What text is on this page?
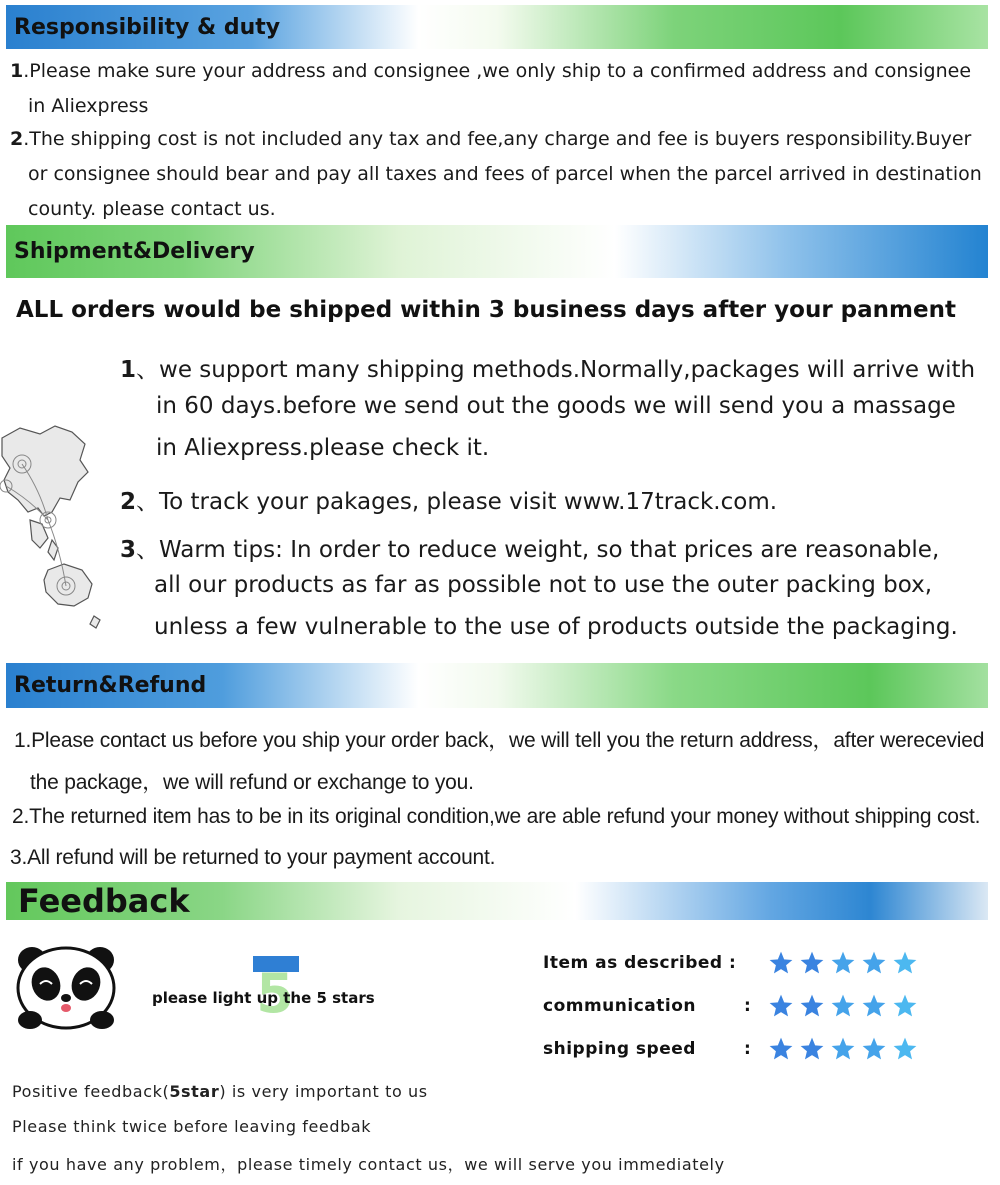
Responsibility & duty
1.Please make sure your address and consignee ,we only ship to a confirmed address and consignee
in Aliexpress
2.The shipping cost is not included any tax and fee,any charge and fee is buyers responsibility.Buyer
or consignee should bear and pay all taxes and fees of parcel when the parcel arrived in destination
county. please contact us.
Shipment&Delivery
ALL orders would be shipped within 3 business days after your panment
1、we support many shipping methods.Normally,packages will arrive with
in 60 days.before we send out the goods we will send you a massage
in Aliexpress.please check it.
2、To track your pakages, please visit www.17track.com.
3、Warm tips: In order to reduce weight, so that prices are reasonable,
all our products as far as possible not to use the outer packing box,
unless a few vulnerable to the use of products outside the packaging.
Return&Refund
1.Please contact us before you ship your order back，we will tell you the return address，after werecevied
the package，we will refund or exchange to you.
2.The returned item has to be in its original condition,we are able refund your money without shipping cost.
3.All refund will be returned to your payment account.
Feedback
5
please light up the 5 stars
Item as described :
communication	:
shipping speed	:
Positive feedback(5star) is very important to us
Please think twice before leaving feedbak
if you have any problem，please timely contact us，we will serve you immediately
